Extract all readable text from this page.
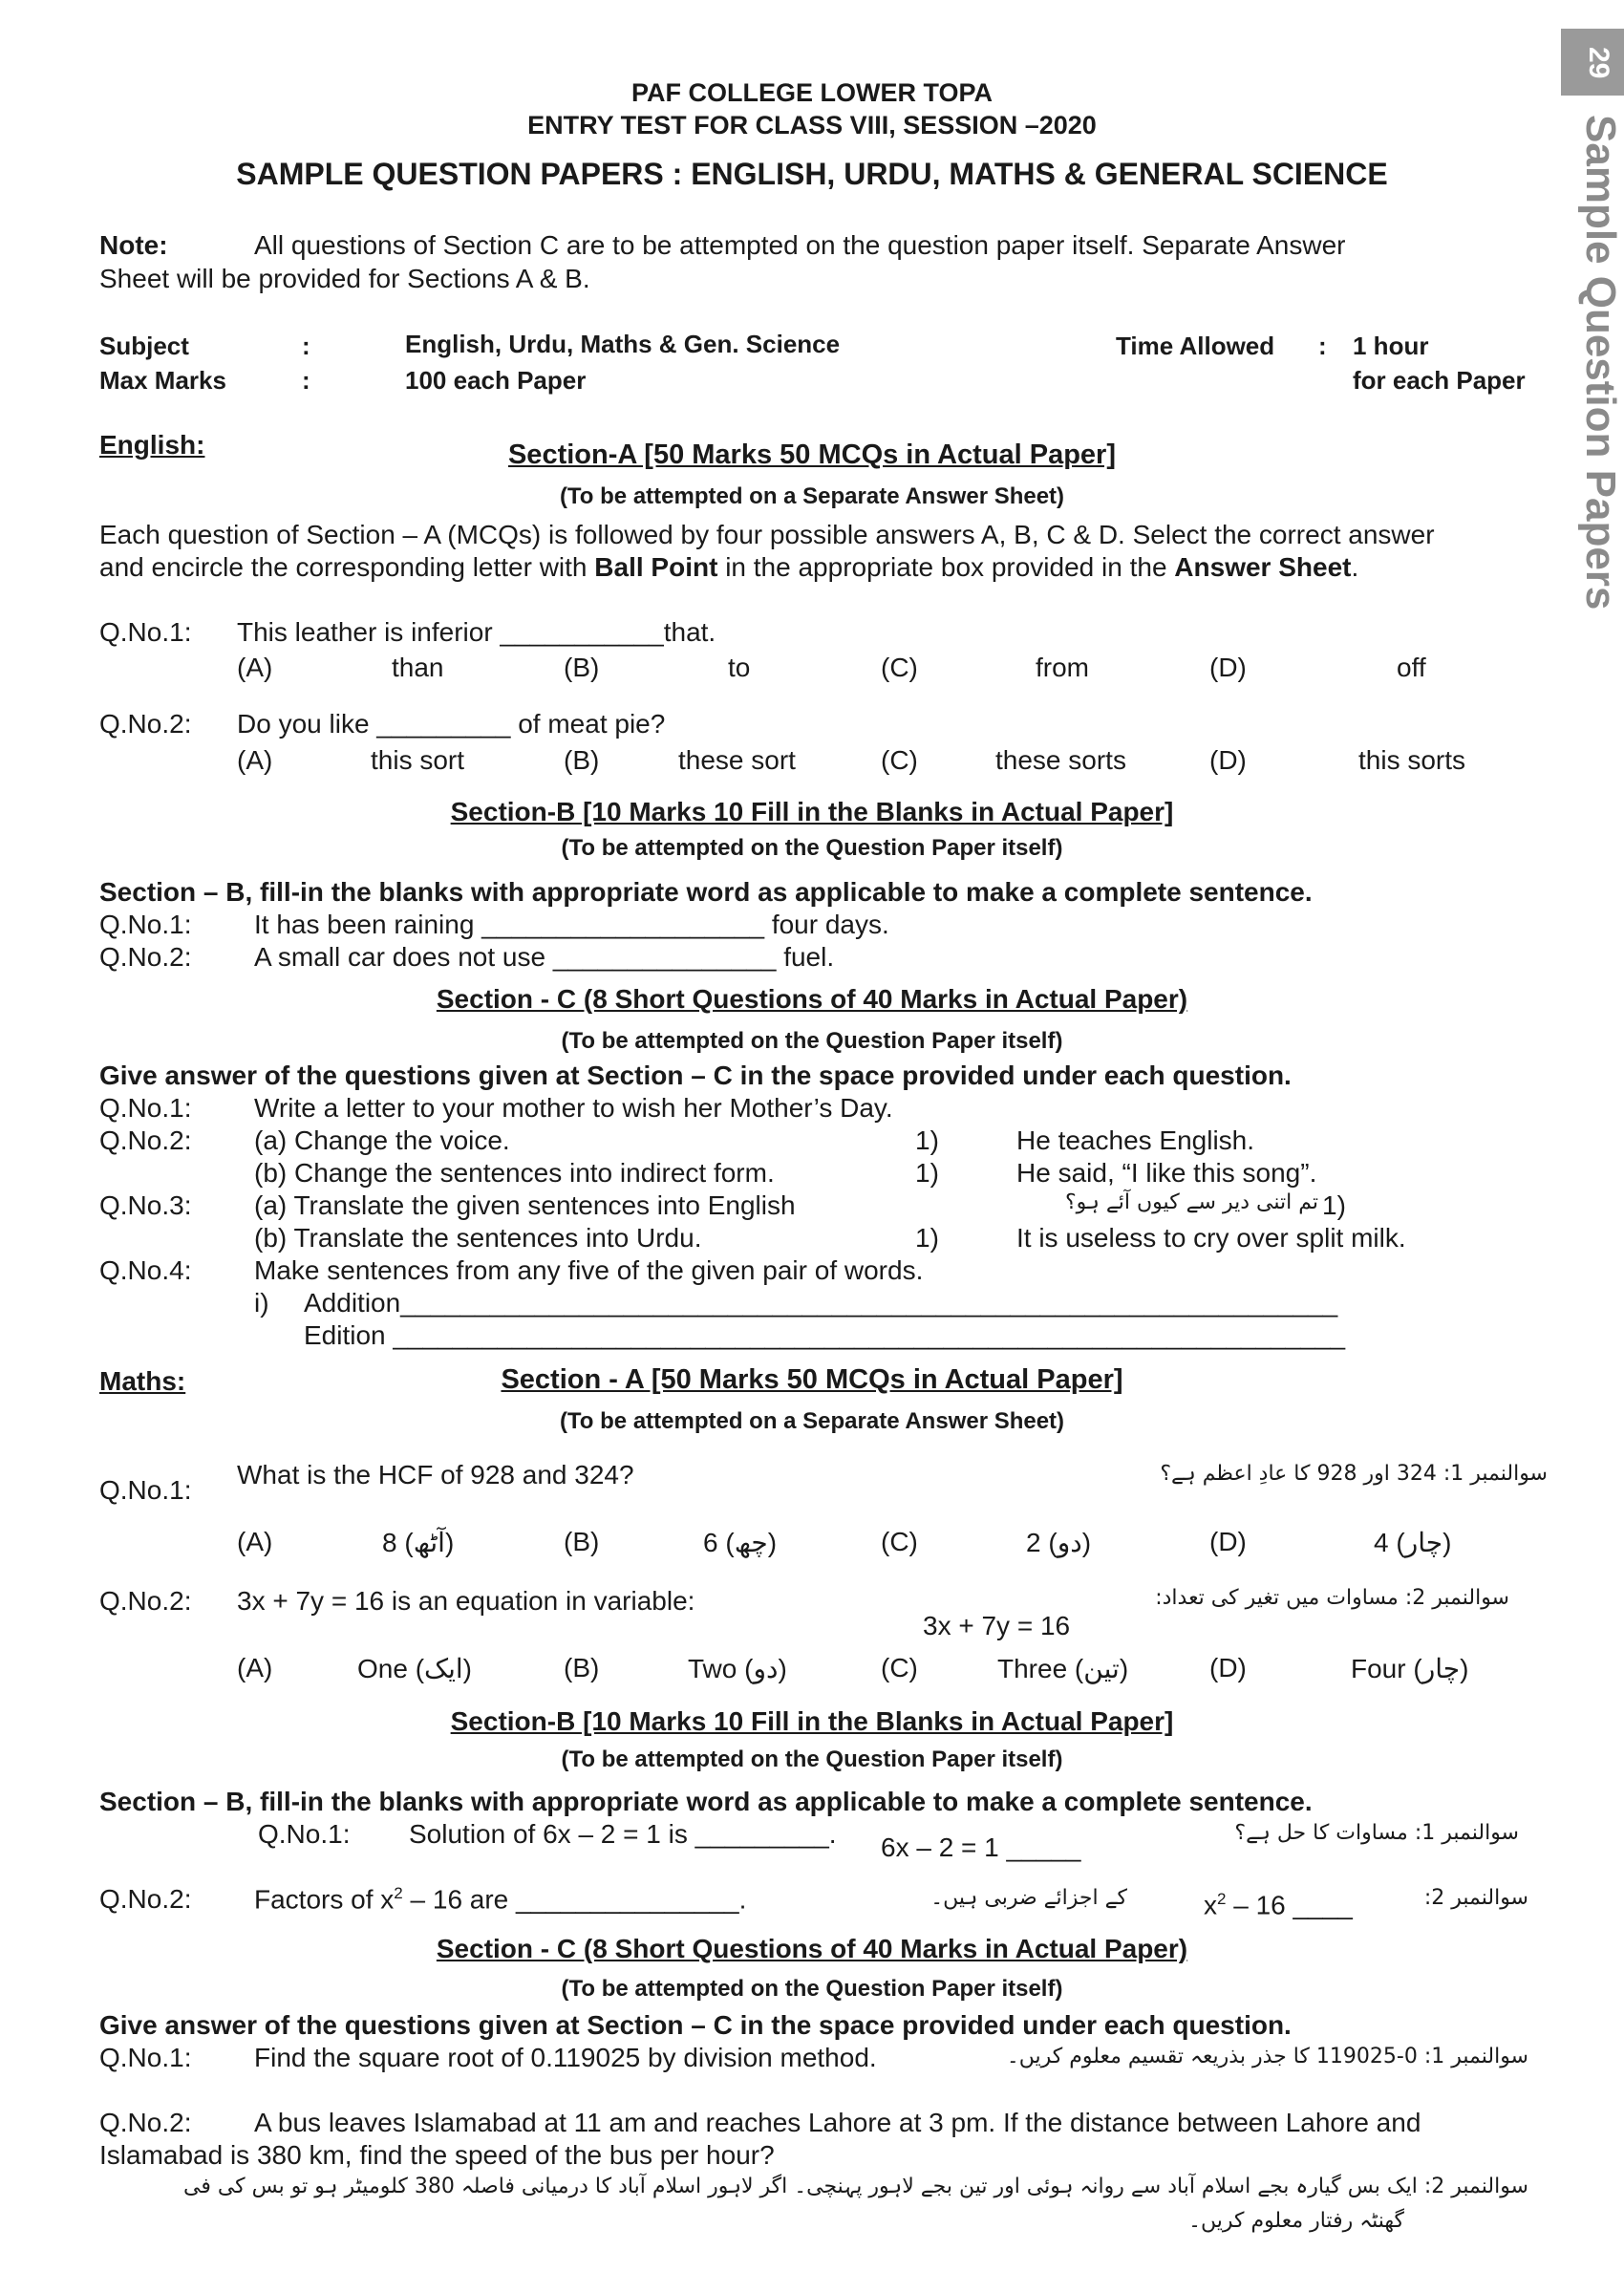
29
Sample Question Papers
PAF COLLEGE LOWER TOPA
ENTRY TEST FOR CLASS VIII, SESSION –2020
SAMPLE QUESTION PAPERS : ENGLISH, URDU, MATHS & GENERAL SCIENCE
Note:	All questions of Section C are to be attempted on the question paper itself. Separate Answer
Sheet will be provided for Sections A & B.
Subject	:	English, Urdu, Maths & Gen. Science
Max Marks	:	100 each Paper
Time Allowed : 1 hour
for each Paper
English:	Section-A [50 Marks 50 MCQs in Actual Paper]
(To be attempted on a Separate Answer Sheet)
Each question of Section – A (MCQs) is followed by four possible answers A, B, C & D. Select the correct answer
and encircle the corresponding letter with Ball Point in the appropriate box provided in the Answer Sheet.
Q.No.1: This leather is inferior ___________that.
(A)	than	(B)	to	(C)	from	(D)	off
Q.No.2: Do you like _________ of meat pie?
(A)	this sort	(B)	these sort	(C)	these sorts	(D)	this sorts
Section-B [10 Marks 10 Fill in the Blanks in Actual Paper]
(To be attempted on the Question Paper itself)
Section – B, fill-in the blanks with appropriate word as applicable to make a complete sentence.
Q.No.1: It has been raining ___________________ four days.
Q.No.2: A small car does not use _______________ fuel.
Section - C (8 Short Questions of 40 Marks in Actual Paper)
(To be attempted on the Question Paper itself)
Give answer of the questions given at Section – C in the space provided under each question.
Q.No.1: Write a letter to your mother to wish her Mother’s Day.
Q.No.2: (a) Change the voice.	1)	He teaches English.
(b) Change the sentences into indirect form.	1)	He said, “I like this song”.
Q.No.3: (a) Translate the given sentences into English	تم اتنی دیر سے کیوں آئے ہو؟ 1)
(b) Translate the sentences into Urdu.	1)	It is useless to cry over split milk.
Q.No.4: Make sentences from any five of the given pair of words.
i) Addition_______________________________________________________________
Edition ________________________________________________________________
Maths:	Section - A [50 Marks 50 MCQs in Actual Paper]
(To be attempted on a Separate Answer Sheet)
Q.No.1:
What is the HCF of 928 and 324?	سوالنمبر 1: 324 اور 928 کا عادِ اعظم ہے؟
(A)	8 (آٹھ)	(B)	6 (چھ)	(C)	2 (دو)	(D)	4 (چار)
Q.No.2: 3x + 7y = 16 is an equation in variable:	سوالنمبر 2: مساوات میں تغیر کی تعداد:
3x + 7y = 16
(A)	One (ایک)	(B)	Two (دو)	(C)	Three (تین)	(D)	Four (چار)
Section-B [10 Marks 10 Fill in the Blanks in Actual Paper]
(To be attempted on the Question Paper itself)
Section – B, fill-in the blanks with appropriate word as applicable to make a complete sentence.
Q.No.1: Solution of 6x – 2 = 1 is _________. 6x – 2 = 1 _____	سوالنمبر 1: مساوات کا حل ہے؟
Q.No.2: Factors of $x^2 - 16$ are _______________.	کے اجزائے ضربی ہیں۔	$x^2 - 16$ ____	سوالنمبر 2:
Section - C (8 Short Questions of 40 Marks in Actual Paper)
(To be attempted on the Question Paper itself)
Give answer of the questions given at Section – C in the space provided under each question.
Q.No.1: Find the square root of 0.119025 by division method.	سوالنمبر 1: 0-119025 کا جذر بذریعہ تقسیم معلوم کریں۔
Q.No.2: A bus leaves Islamabad at 11 am and reaches Lahore at 3 pm. If the distance between Lahore and
Islamabad is 380 km, find the speed of the bus per hour?
سوالنمبر 2: ایک بس گیارہ بجے اسلام آباد سے روانہ ہوئی اور تین بجے لاہور پہنچی۔ اگر لاہور اسلام آباد کا درمیانی فاصلہ 380 کلومیٹر ہو تو بس کی فی
گھنٹہ رفتار معلوم کریں۔
